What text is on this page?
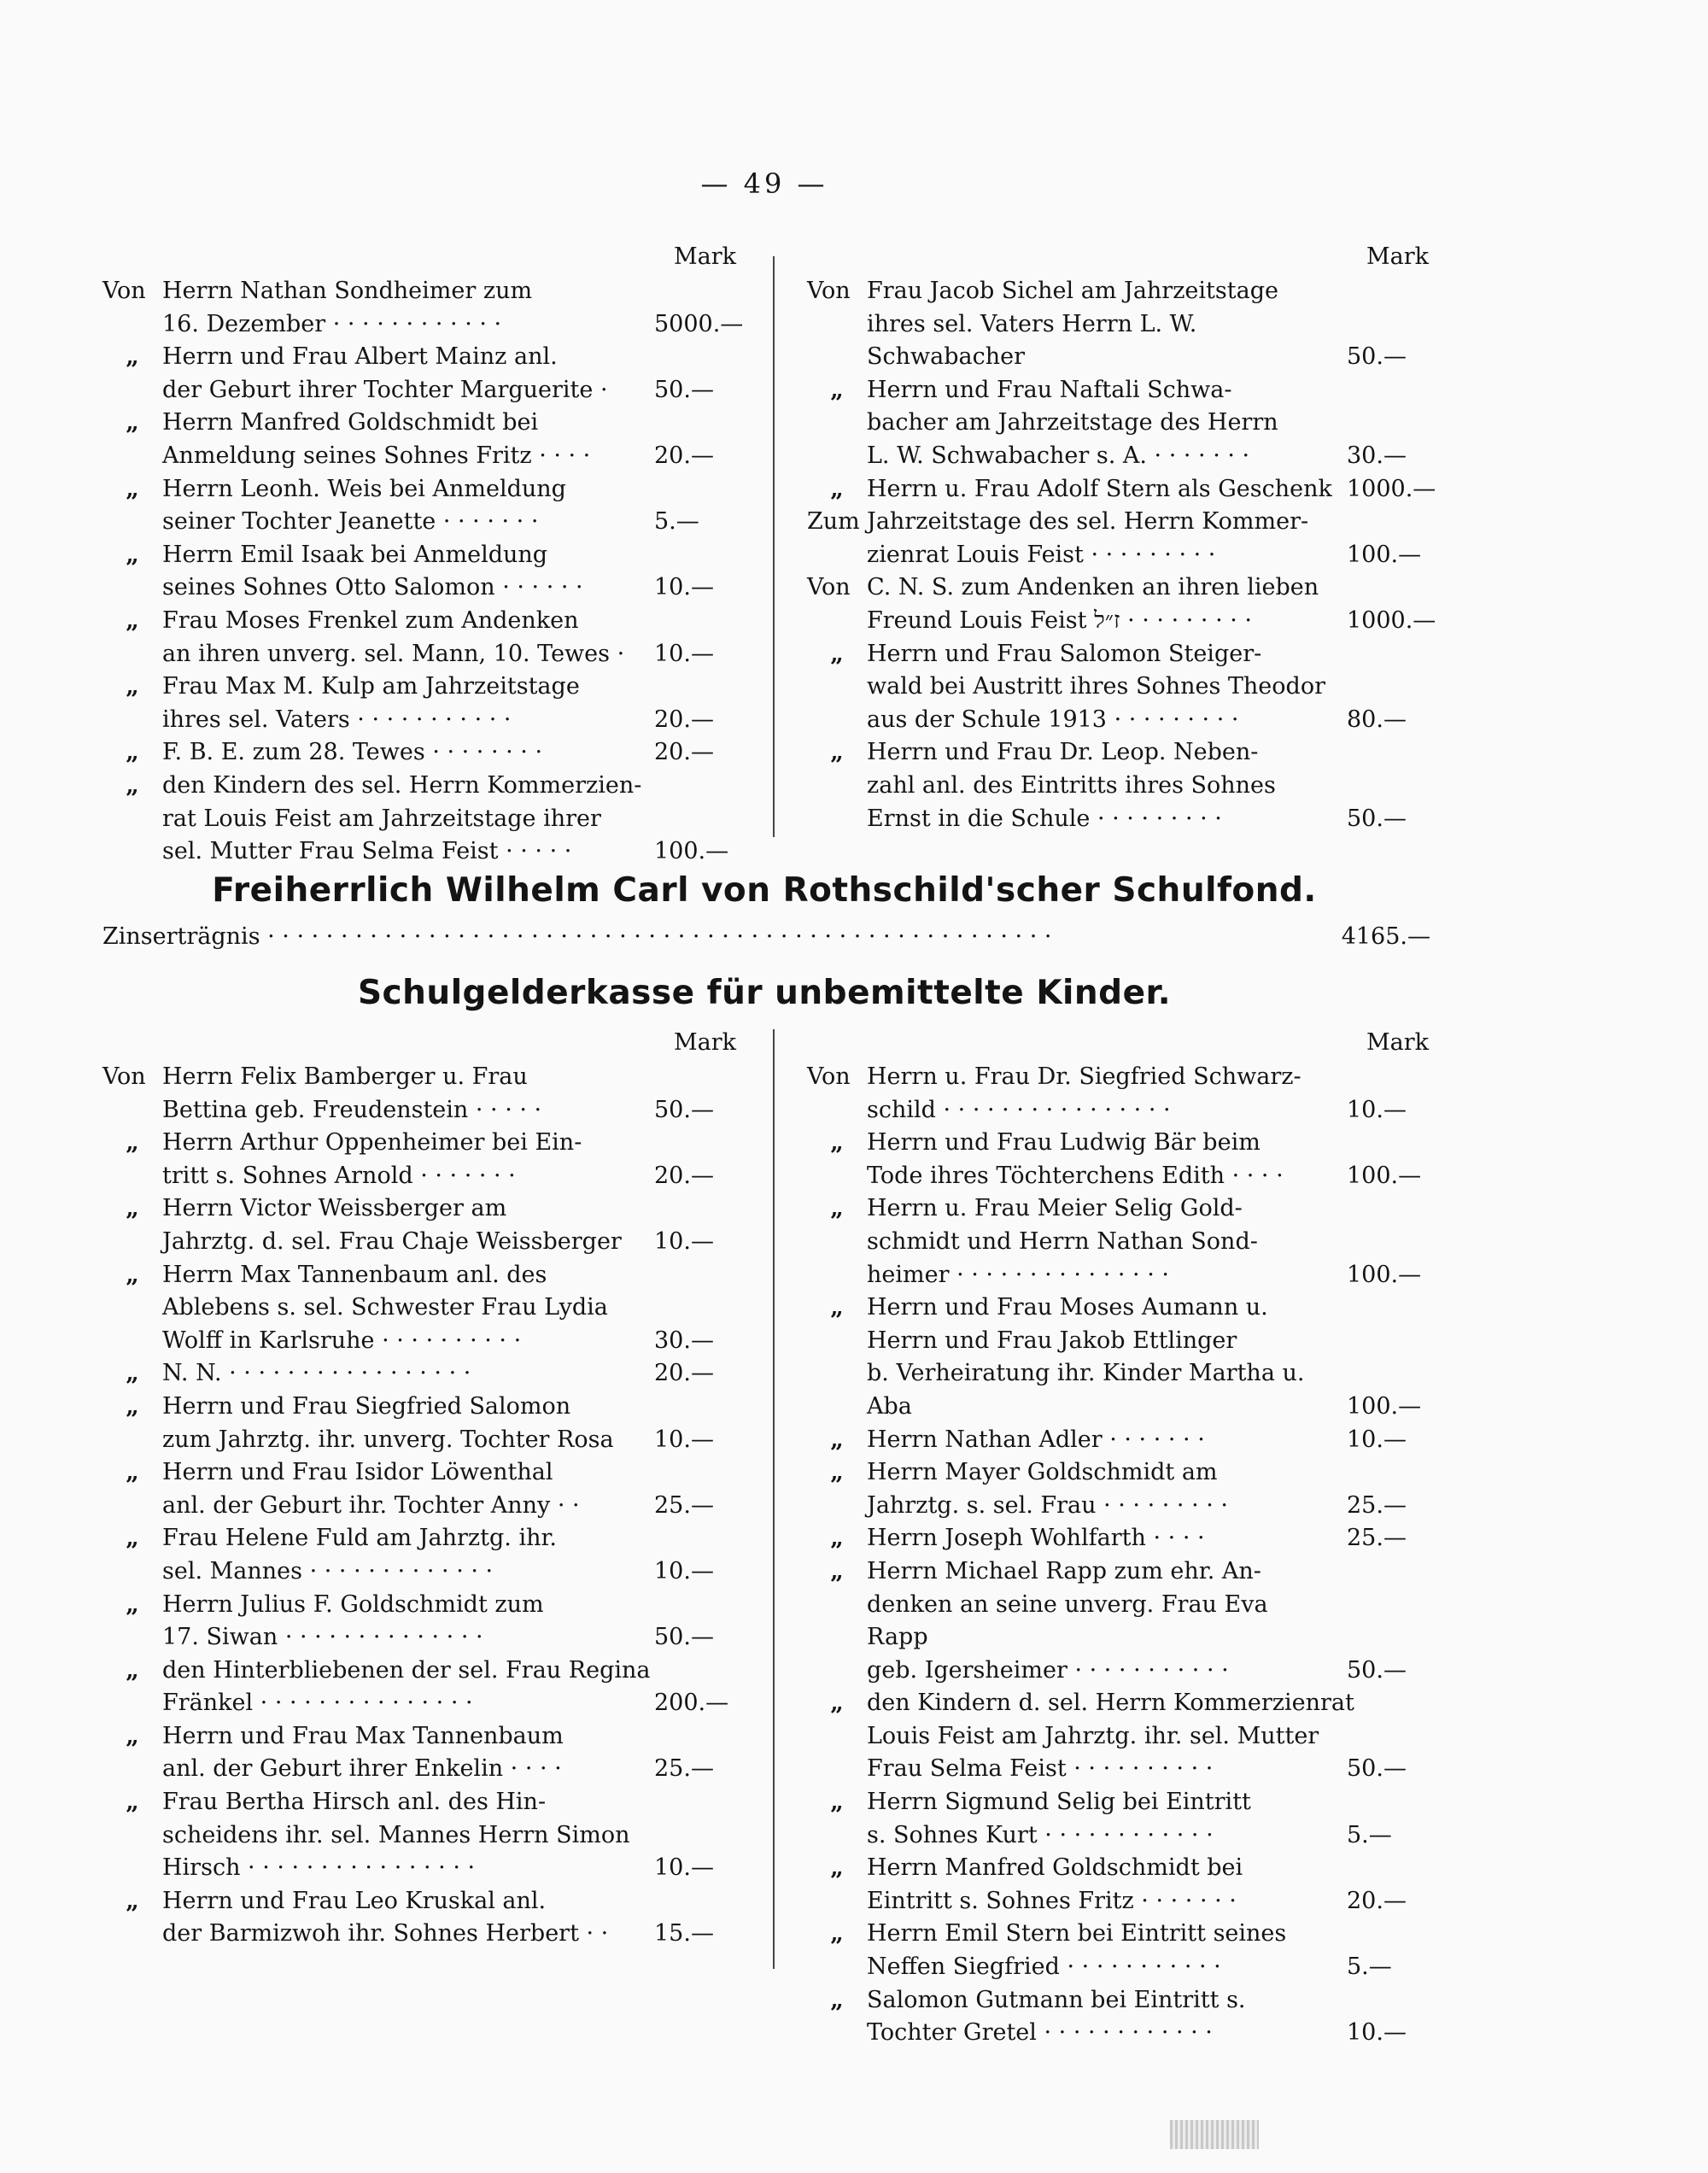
— 49 —
Mark
Von Herrn Nathan Sondheimer zum
16. Dezember · · · · · · · · · · · ·	5000.—
„ Herrn und Frau Albert Mainz anl.
der Geburt ihrer Tochter Marguerite ·	50.—
„ Herrn Manfred Goldschmidt bei
Anmeldung seines Sohnes Fritz · · · ·	20.—
„ Herrn Leonh. Weis bei Anmeldung
seiner Tochter Jeanette · · · · · · ·	5.—
„ Herrn Emil Isaak bei Anmeldung
seines Sohnes Otto Salomon · · · · · ·	10.—
„ Frau Moses Frenkel zum Andenken
an ihren unverg. sel. Mann, 10. Tewes ·	10.—
„ Frau Max M. Kulp am Jahrzeitstage
ihres sel. Vaters · · · · · · · · · · ·	20.—
„ F. B. E. zum 28. Tewes · · · · · · · ·	20.—
„ den Kindern des sel. Herrn Kommerzien-
rat Louis Feist am Jahrzeitstage ihrer
sel. Mutter Frau Selma Feist · · · · ·	100.—
Mark
Von Frau Jacob Sichel am Jahrzeitstage
ihres sel. Vaters Herrn L. W. Schwabacher	50.—
„ Herrn und Frau Naftali Schwa-
bacher am Jahrzeitstage des Herrn
L. W. Schwabacher s. A. · · · · · · ·	30.—
„ Herrn u. Frau Adolf Stern als Geschenk 1000.—
Zum Jahrzeitstage des sel. Herrn Kommer-
zienrat Louis Feist · · · · · · · · ·	100.—
Von C. N. S. zum Andenken an ihren lieben
Freund Louis Feist ז״ל · · · · · · · · ·	1000.—
„ Herrn und Frau Salomon Steiger-
wald bei Austritt ihres Sohnes Theodor
aus der Schule 1913 · · · · · · · · ·	80.—
„ Herrn und Frau Dr. Leop. Neben-
zahl anl. des Eintritts ihres Sohnes
Ernst in die Schule · · · · · · · · ·	50.—
Freiherrlich Wilhelm Carl von Rothschild'scher Schulfond.
Zinserträgnis · · · · · · · · · · · · · · · · · · · · · · · · · · · · · · · · · · · · · · · · · · · · · · · · · · · · · ·	4165.—
Schulgelderkasse für unbemittelte Kinder.
Mark
Von Herrn Felix Bamberger u. Frau
Bettina geb. Freudenstein · · · · ·	50.—
„ Herrn Arthur Oppenheimer bei Ein-
tritt s. Sohnes Arnold · · · · · · ·	20.—
„ Herrn Victor Weissberger am
Jahrztg. d. sel. Frau Chaje Weissberger	10.—
„ Herrn Max Tannenbaum anl. des
Ablebens s. sel. Schwester Frau Lydia
Wolff in Karlsruhe · · · · · · · · · ·	30.—
„ N. N. · · · · · · · · · · · · · · · · ·	20.—
„ Herrn und Frau Siegfried Salomon
zum Jahrztg. ihr. unverg. Tochter Rosa	10.—
„ Herrn und Frau Isidor Löwenthal
anl. der Geburt ihr. Tochter Anny · ·	25.—
„ Frau Helene Fuld am Jahrztg. ihr.
sel. Mannes · · · · · · · · · · · · ·	10.—
„ Herrn Julius F. Goldschmidt zum
17. Siwan · · · · · · · · · · · · · ·	50.—
„ den Hinterbliebenen der sel. Frau Regina
Fränkel · · · · · · · · · · · · · · ·	200.—
„ Herrn und Frau Max Tannenbaum
anl. der Geburt ihrer Enkelin · · · ·	25.—
„ Frau Bertha Hirsch anl. des Hin-
scheidens ihr. sel. Mannes Herrn Simon
Hirsch · · · · · · · · · · · · · · · ·	10.—
„ Herrn und Frau Leo Kruskal anl.
der Barmizwoh ihr. Sohnes Herbert · ·	15.—
Mark
Von Herrn u. Frau Dr. Siegfried Schwarz-
schild · · · · · · · · · · · · · · · ·	10.—
„ Herrn und Frau Ludwig Bär beim
Tode ihres Töchterchens Edith · · · ·	100.—
„ Herrn u. Frau Meier Selig Gold-
schmidt und Herrn Nathan Sond-
heimer · · · · · · · · · · · · · · ·	100.—
„ Herrn und Frau Moses Aumann u.
Herrn und Frau Jakob Ettlinger
b. Verheiratung ihr. Kinder Martha u. Aba	100.—
„ Herrn Nathan Adler · · · · · · ·	10.—
„ Herrn Mayer Goldschmidt am
Jahrztg. s. sel. Frau · · · · · · · · ·	25.—
„ Herrn Joseph Wohlfarth · · · ·	25.—
„ Herrn Michael Rapp zum ehr. An-
denken an seine unverg. Frau Eva Rapp
geb. Igersheimer · · · · · · · · · · ·	50.—
„ den Kindern d. sel. Herrn Kommerzienrat
Louis Feist am Jahrztg. ihr. sel. Mutter
Frau Selma Feist · · · · · · · · · ·	50.—
„ Herrn Sigmund Selig bei Eintritt
s. Sohnes Kurt · · · · · · · · · · · ·	5.—
„ Herrn Manfred Goldschmidt bei
Eintritt s. Sohnes Fritz · · · · · · ·	20.—
„ Herrn Emil Stern bei Eintritt seines
Neffen Siegfried · · · · · · · · · · ·	5.—
„ Salomon Gutmann bei Eintritt s.
Tochter Gretel · · · · · · · · · · · ·	10.—
